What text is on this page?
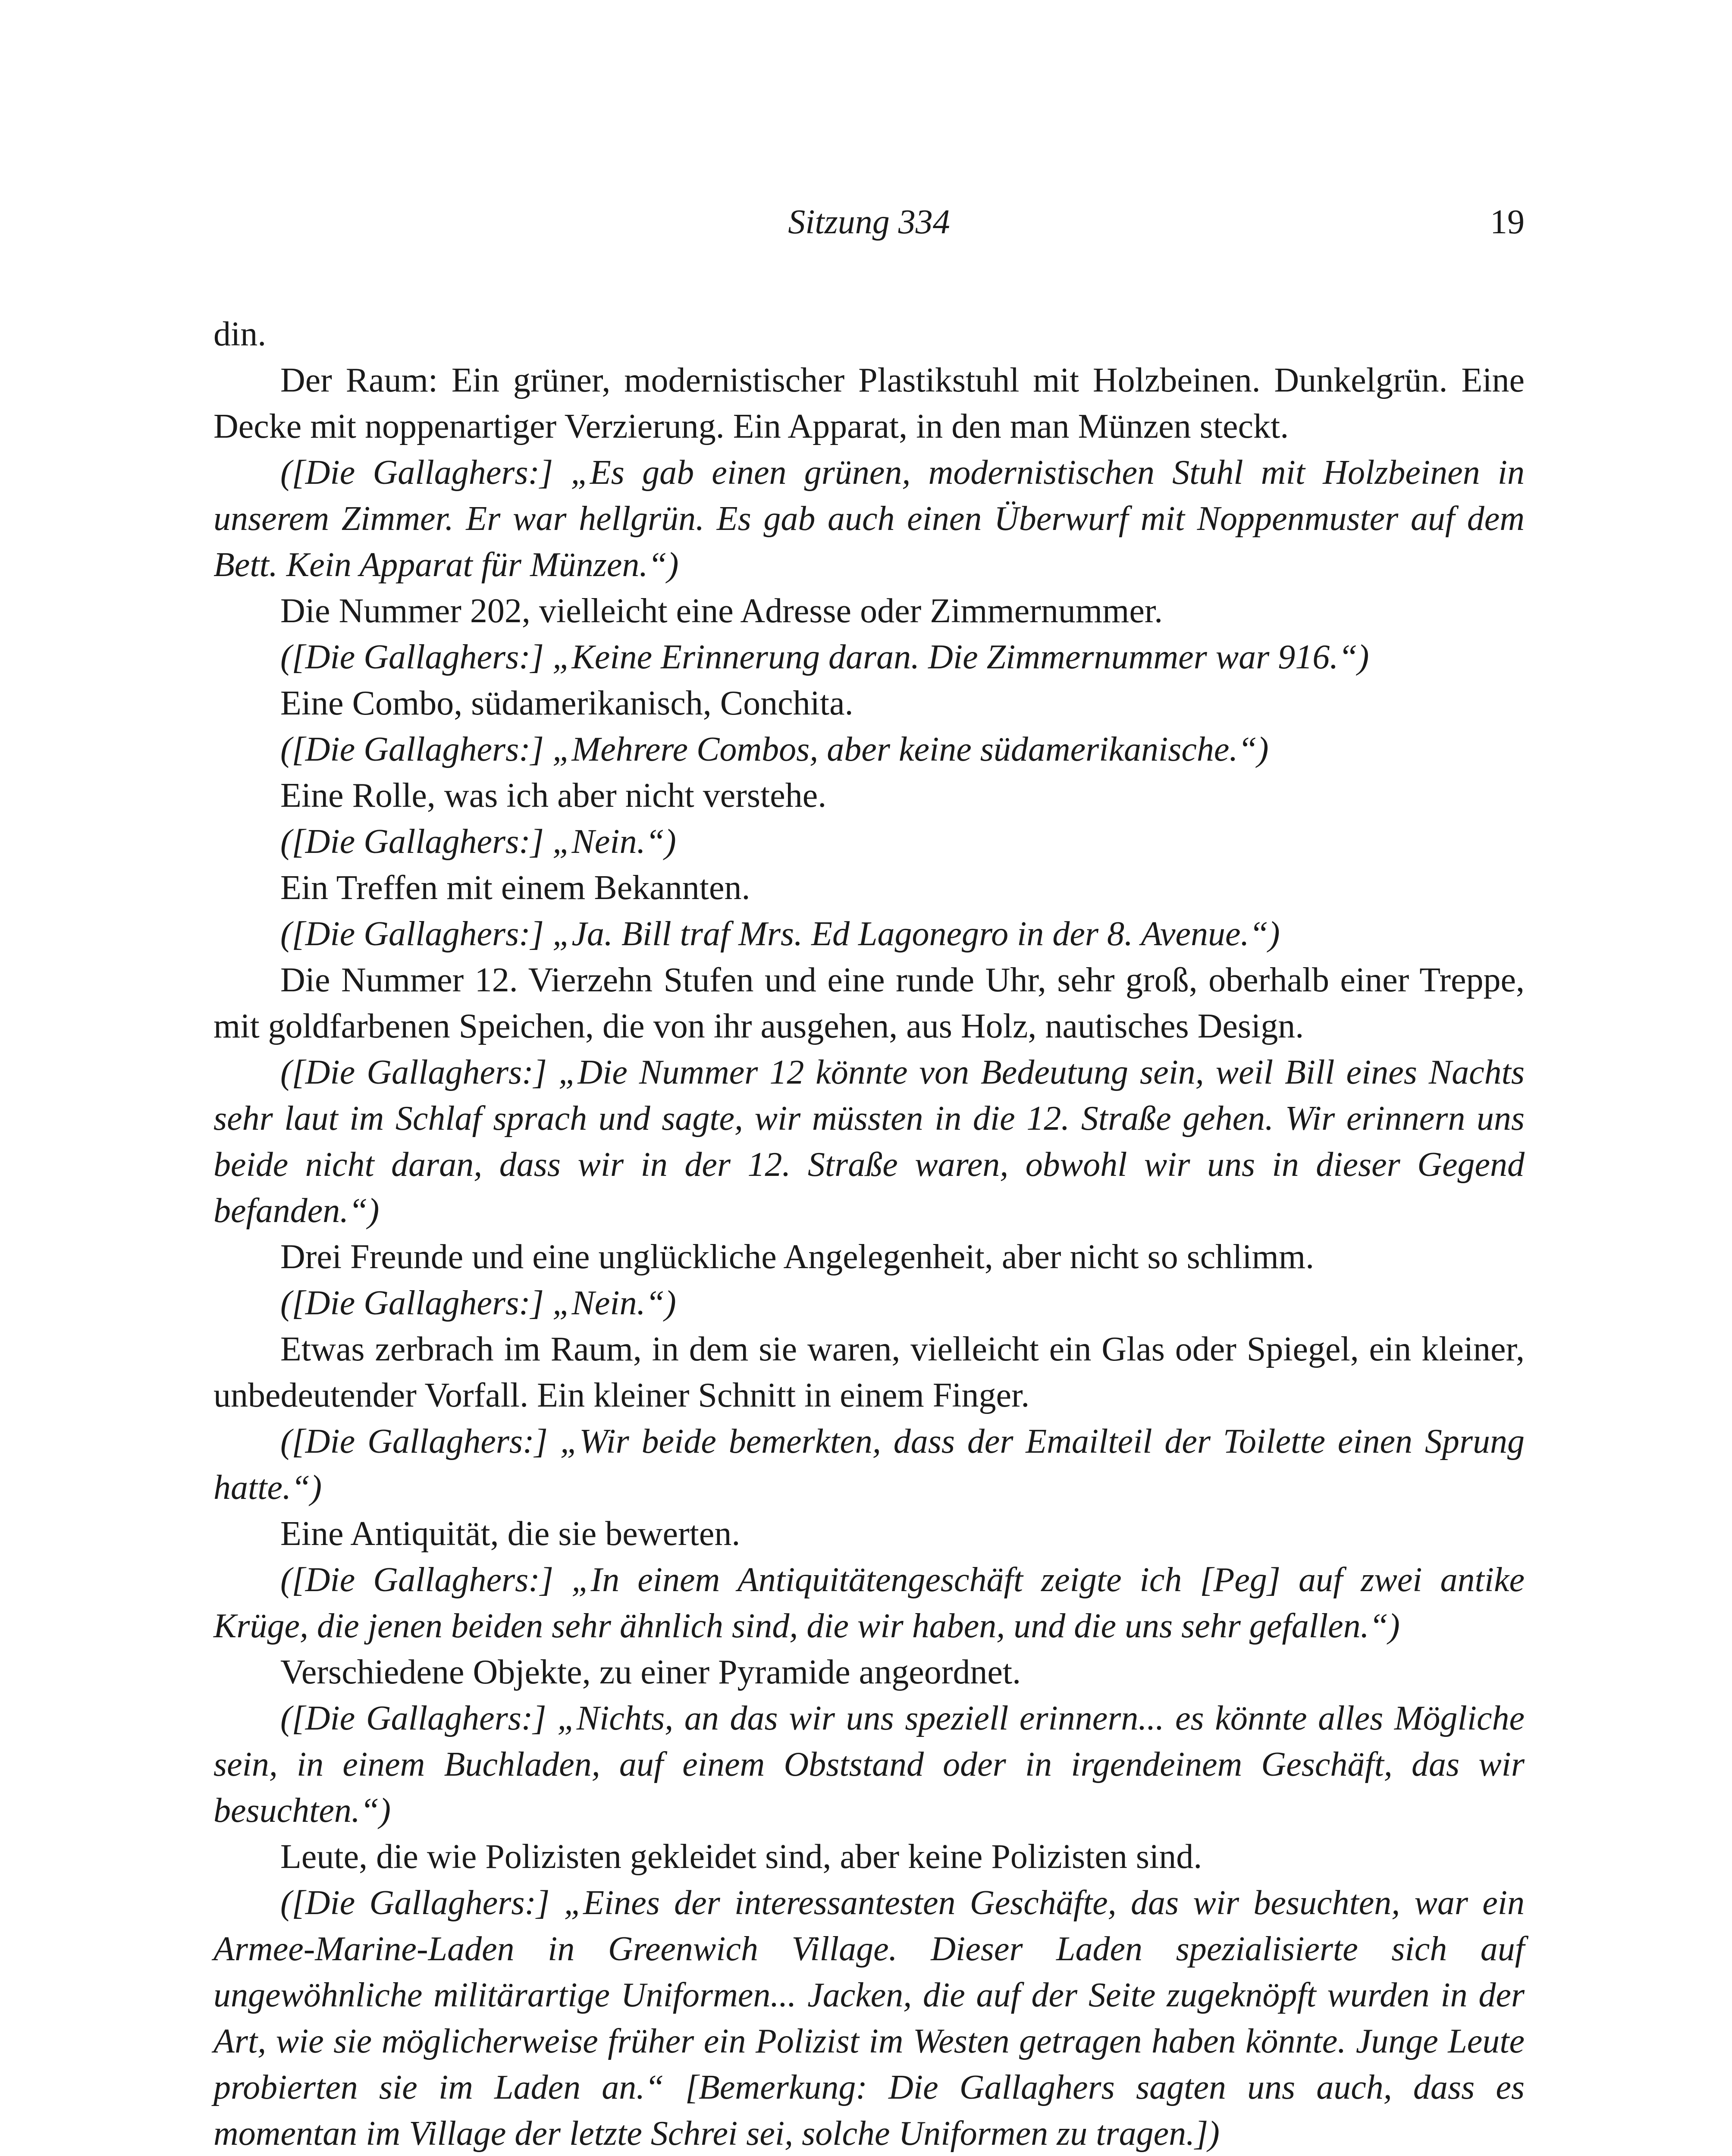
Sitzung 334	19

din.

Der Raum: Ein grüner, modernistischer Plastikstuhl mit Holzbeinen. Dunkelgrün. Eine Decke mit noppenartiger Verzierung. Ein Apparat, in den man Münzen steckt.

([Die Gallaghers:] „Es gab einen grünen, modernistischen Stuhl mit Holzbeinen in unserem Zimmer. Er war hellgrün. Es gab auch einen Überwurf mit Noppenmuster auf dem Bett. Kein Apparat für Münzen.“)

Die Nummer 202, vielleicht eine Adresse oder Zimmernummer.

([Die Gallaghers:] „Keine Erinnerung daran. Die Zimmernummer war 916.“)

Eine Combo, südamerikanisch, Conchita.

([Die Gallaghers:] „Mehrere Combos, aber keine südamerikanische.“)

Eine Rolle, was ich aber nicht verstehe.

([Die Gallaghers:] „Nein.“)

Ein Treffen mit einem Bekannten.

([Die Gallaghers:] „Ja. Bill traf Mrs. Ed Lagonegro in der 8. Avenue.“)

Die Nummer 12. Vierzehn Stufen und eine runde Uhr, sehr groß, oberhalb einer Treppe, mit goldfarbenen Speichen, die von ihr ausgehen, aus Holz, nautisches Design.

([Die Gallaghers:] „Die Nummer 12 könnte von Bedeutung sein, weil Bill eines Nachts sehr laut im Schlaf sprach und sagte, wir müssten in die 12. Straße gehen. Wir erinnern uns beide nicht daran, dass wir in der 12. Straße waren, obwohl wir uns in dieser Gegend befanden.“)

Drei Freunde und eine unglückliche Angelegenheit, aber nicht so schlimm.

([Die Gallaghers:] „Nein.“)

Etwas zerbrach im Raum, in dem sie waren, vielleicht ein Glas oder Spiegel, ein kleiner, unbedeutender Vorfall. Ein kleiner Schnitt in einem Finger.

([Die Gallaghers:] „Wir beide bemerkten, dass der Emailteil der Toilette einen Sprung hatte.“)

Eine Antiquität, die sie bewerten.

([Die Gallaghers:] „In einem Antiquitätengeschäft zeigte ich [Peg] auf zwei antike Krüge, die jenen beiden sehr ähnlich sind, die wir haben, und die uns sehr gefallen.“)

Verschiedene Objekte, zu einer Pyramide angeordnet.

([Die Gallaghers:] „Nichts, an das wir uns speziell erinnern... es könnte alles Mögliche sein, in einem Buchladen, auf einem Obststand oder in irgendeinem Geschäft, das wir besuchten.“)

Leute, die wie Polizisten gekleidet sind, aber keine Polizisten sind.

([Die Gallaghers:] „Eines der interessantesten Geschäfte, das wir besuchten, war ein Armee-Marine-Laden in Greenwich Village. Dieser Laden spezialisierte sich auf ungewöhnliche militärartige Uniformen... Jacken, die auf der Seite zugeknöpft wurden in der Art, wie sie möglicherweise früher ein Polizist im Westen getragen haben könnte. Junge Leute probierten sie im Laden an.“ [Bemerkung: Die Gallaghers sagten uns auch, dass es momentan im Village der letzte Schrei sei, solche Uniformen zu tragen.])
